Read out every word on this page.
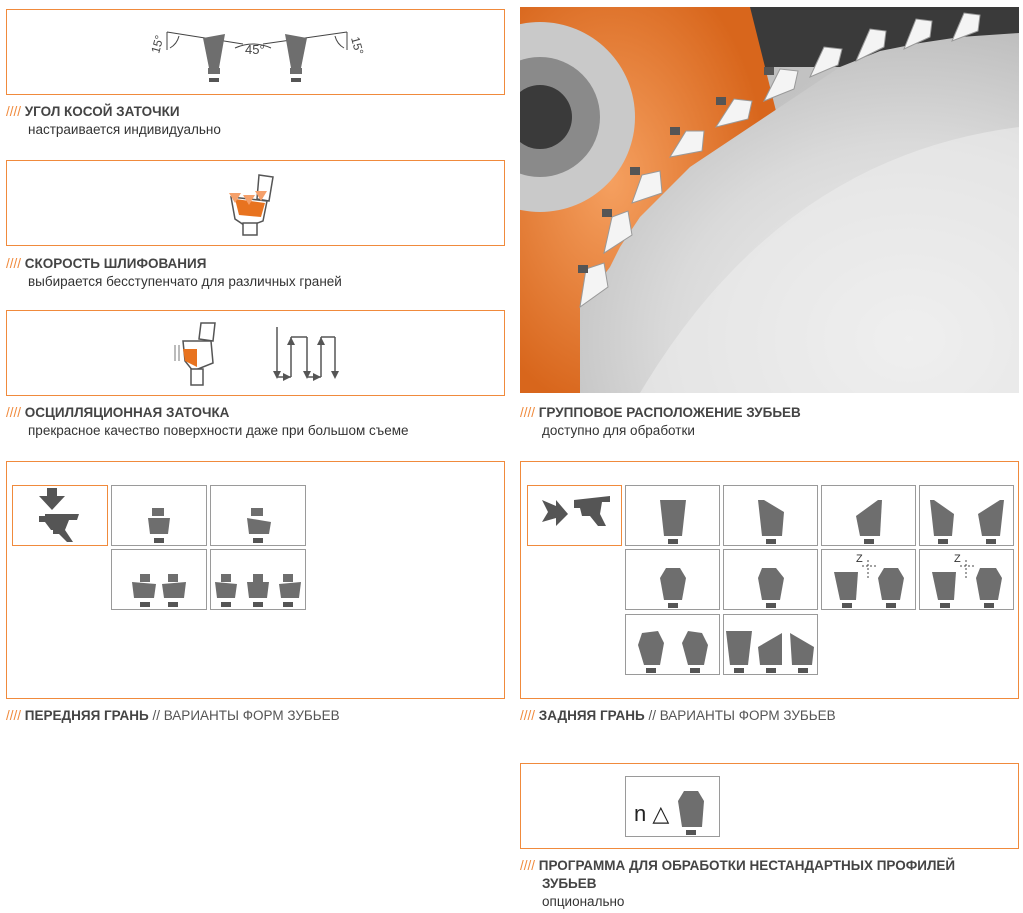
15°	45°	15°
//// УГОЛ КОСОЙ ЗАТОЧКИ
настраивается индивидуально
//// СКОРОСТЬ ШЛИФОВАНИЯ
выбирается бесступенчато для различных граней
//// ОСЦИЛЛЯЦИОННАЯ ЗАТОЧКА
прекрасное качество поверхности даже при большом съеме
//// ГРУППОВОЕ РАСПОЛОЖЕНИЕ ЗУБЬЕВ
доступно для обработки
//// ПЕРЕДНЯЯ ГРАНЬ // ВАРИАНТЫ ФОРМ ЗУБЬЕВ
Z	Z
//// ЗАДНЯЯ ГРАНЬ // ВАРИАНТЫ ФОРМ ЗУБЬЕВ
n △
//// ПРОГРАММА ДЛЯ ОБРАБОТКИ НЕСТАНДАРТНЫХ ПРОФИЛЕЙ
ЗУБЬЕВ
опционально
